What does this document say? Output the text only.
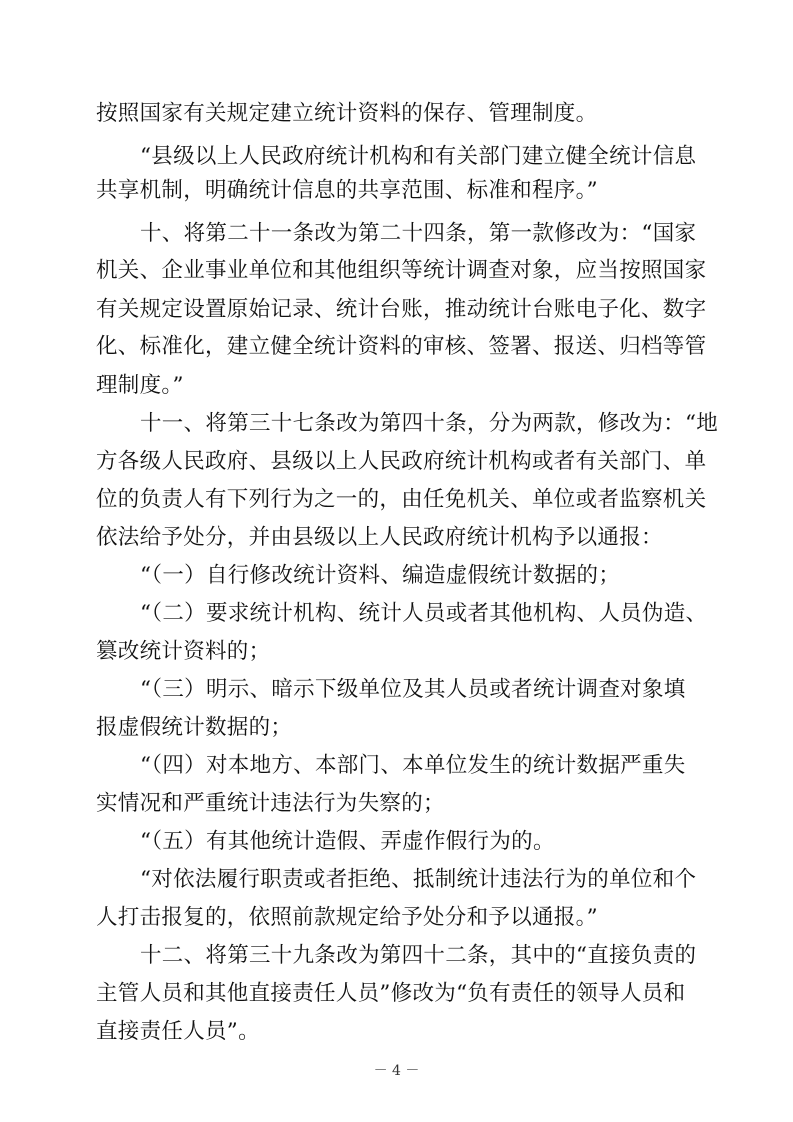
按照国家有关规定建立统计资料的保存、管理制度。
“县级以上人民政府统计机构和有关部门建立健全统计信息
共享机制，明确统计信息的共享范围、标准和程序。”
十、将第二十一条改为第二十四条，第一款修改为：“国家
机关、企业事业单位和其他组织等统计调查对象，应当按照国家
有关规定设置原始记录、统计台账，推动统计台账电子化、数字
化、标准化，建立健全统计资料的审核、签署、报送、归档等管
理制度。”
十一、将第三十七条改为第四十条，分为两款，修改为：“地
方各级人民政府、县级以上人民政府统计机构或者有关部门、单
位的负责人有下列行为之一的，由任免机关、单位或者监察机关
依法给予处分，并由县级以上人民政府统计机构予以通报：
“（一）自行修改统计资料、编造虚假统计数据的；
“（二）要求统计机构、统计人员或者其他机构、人员伪造、
篡改统计资料的；
“（三）明示、暗示下级单位及其人员或者统计调查对象填
报虚假统计数据的；
“（四）对本地方、本部门、本单位发生的统计数据严重失
实情况和严重统计违法行为失察的；
“（五）有其他统计造假、弄虚作假行为的。
“对依法履行职责或者拒绝、抵制统计违法行为的单位和个
人打击报复的，依照前款规定给予处分和予以通报。”
十二、将第三十九条改为第四十二条，其中的“直接负责的
主管人员和其他直接责任人员”修改为“负有责任的领导人员和
直接责任人员”。
－ 4 －
